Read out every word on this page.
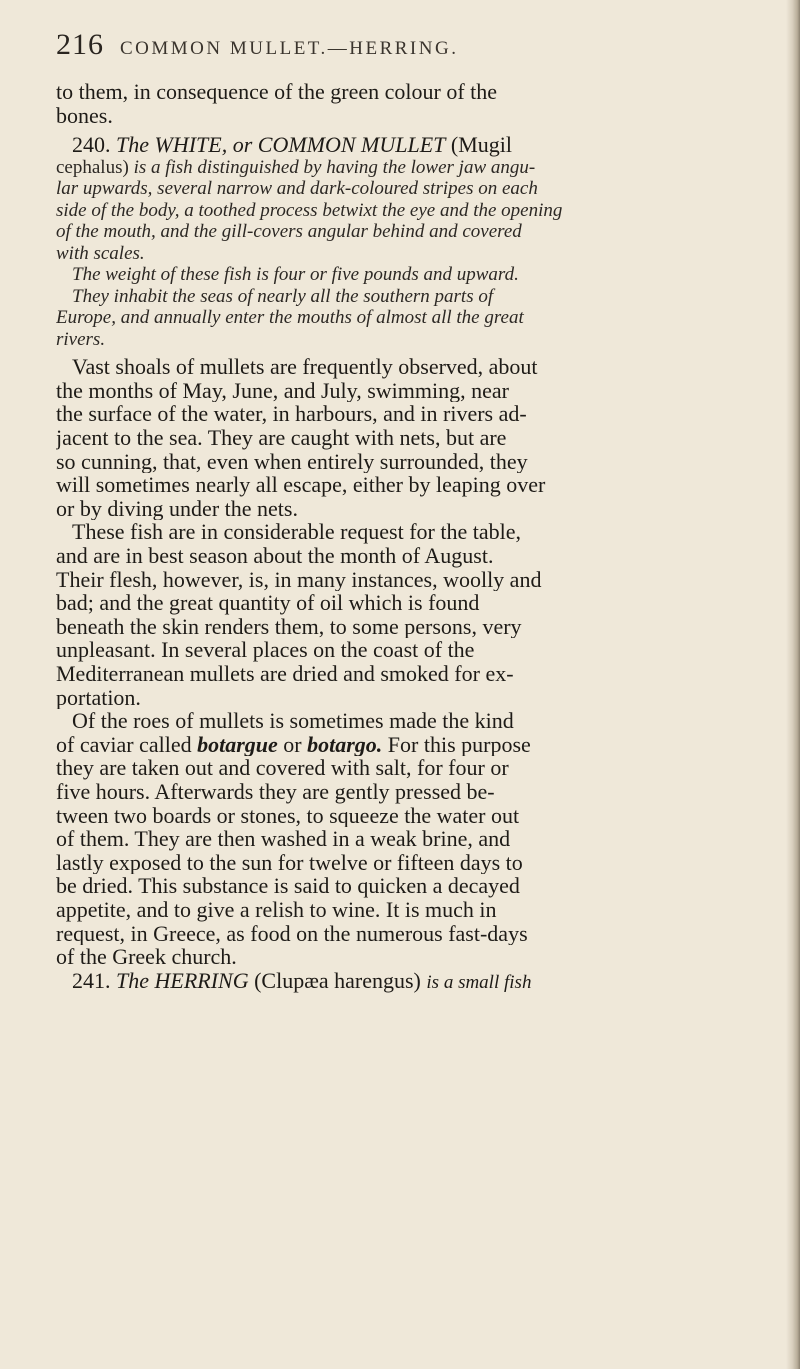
216 COMMON MULLET.—HERRING.

to them, in consequence of the green colour of the

bones.

240. The WHITE, or COMMON MULLET (Mugil

cephalus) is a fish distinguished by having the lower jaw angu-

lar upwards, several narrow and dark-coloured stripes on each

side of the body, a toothed process betwixt the eye and the opening

of the mouth, and the gill-covers angular behind and covered

with scales.

The weight of these fish is four or five pounds and upward.

They inhabit the seas of nearly all the southern parts of

Europe, and annually enter the mouths of almost all the great

rivers.

Vast shoals of mullets are frequently observed, about

the months of May, June, and July, swimming, near

the surface of the water, in harbours, and in rivers ad-

jacent to the sea. They are caught with nets, but are

so cunning, that, even when entirely surrounded, they

will sometimes nearly all escape, either by leaping over

or by diving under the nets.

These fish are in considerable request for the table,

and are in best season about the month of August.

Their flesh, however, is, in many instances, woolly and

bad; and the great quantity of oil which is found

beneath the skin renders them, to some persons, very

unpleasant. In several places on the coast of the

Mediterranean mullets are dried and smoked for ex-

portation.

Of the roes of mullets is sometimes made the kind

of caviar called botargue or botargo. For this purpose

they are taken out and covered with salt, for four or

five hours. Afterwards they are gently pressed be-

tween two boards or stones, to squeeze the water out

of them. They are then washed in a weak brine, and

lastly exposed to the sun for twelve or fifteen days to

be dried. This substance is said to quicken a decayed

appetite, and to give a relish to wine. It is much in

request, in Greece, as food on the numerous fast-days

of the Greek church.

241. The HERRING (Clupæa harengus) is a small fish
